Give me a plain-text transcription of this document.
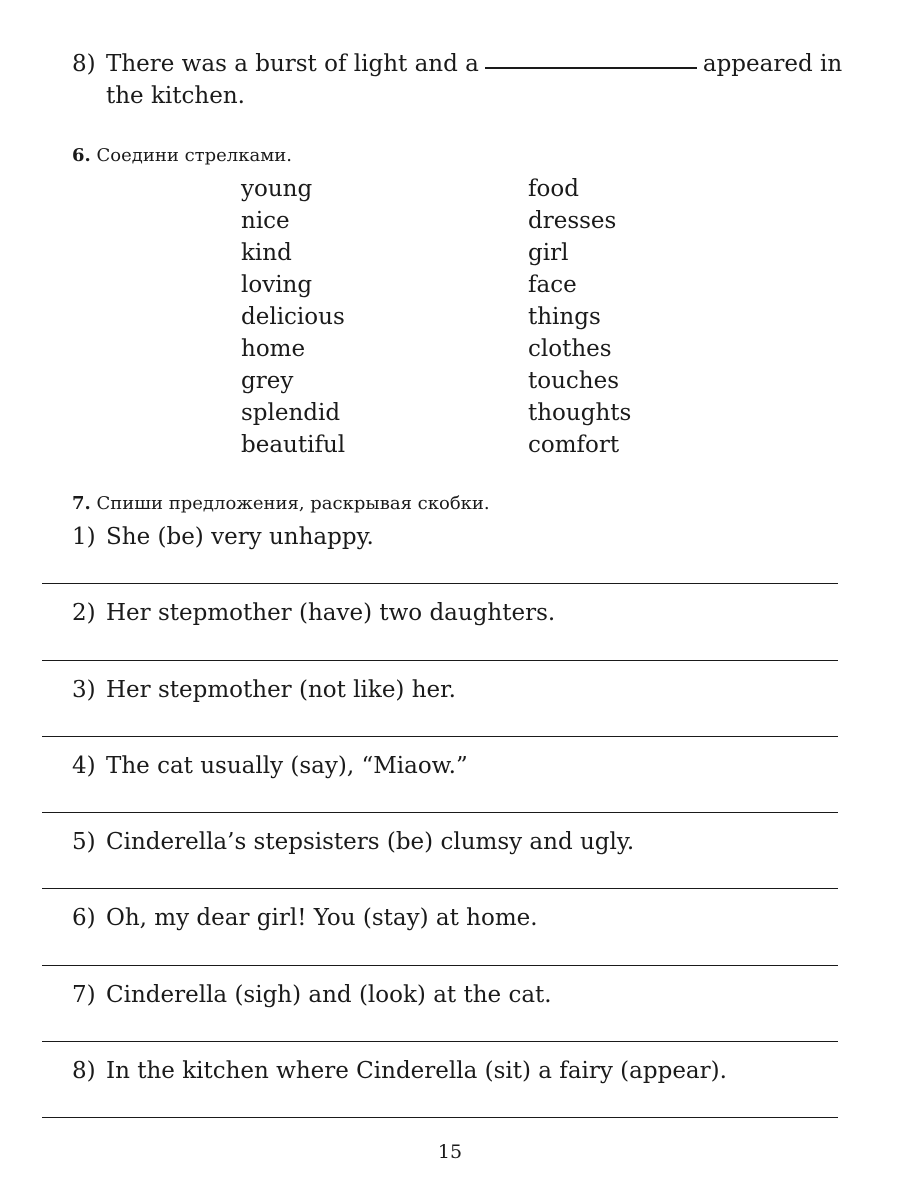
8) There was a burst of light and a	appeared in
the kitchen.
6. Соедини стрелками.
young
nice
kind
loving
delicious
home
grey
splendid
beautiful
food
dresses
girl
face
things
clothes
touches
thoughts
comfort
7. Спиши предложения, раскрывая скобки.
1) She (be) very unhappy.
2) Her stepmother (have) two daughters.
3) Her stepmother (not like) her.
4) The cat usually (say), “Miaow.”
5) Cinderella’s stepsisters (be) clumsy and ugly.
6) Oh, my dear girl! You (stay) at home.
7) Cinderella (sigh) and (look) at the cat.
8) In the kitchen where Cinderella (sit) a fairy (appear).
15
